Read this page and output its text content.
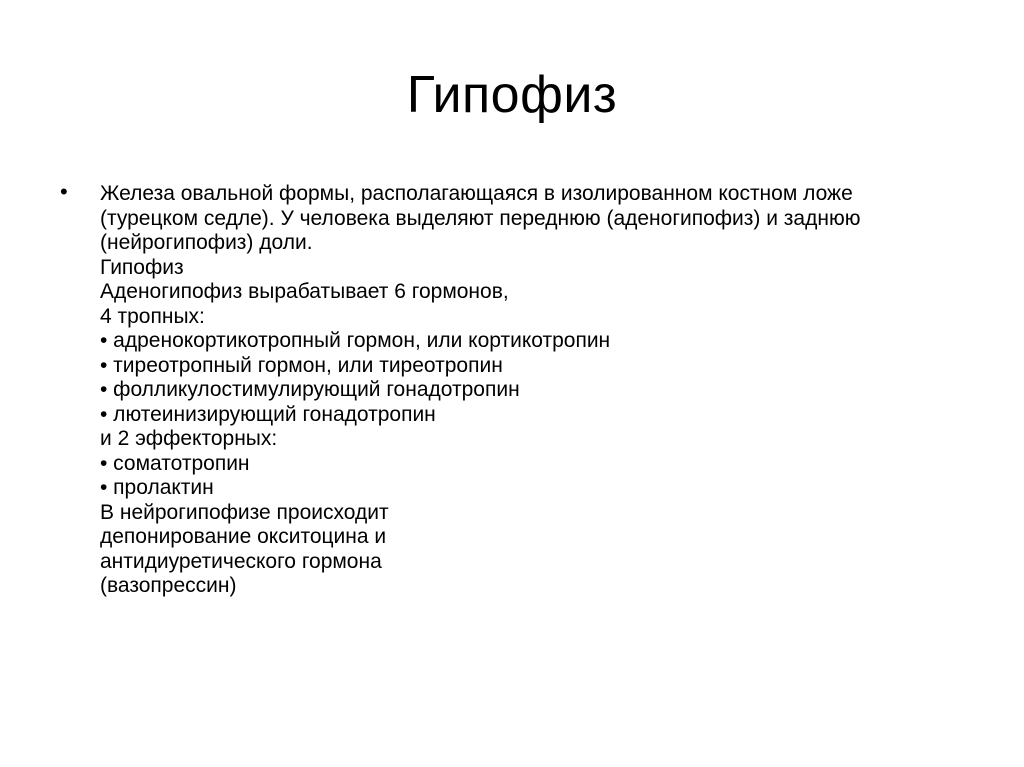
Гипофиз
• Железа овальной формы, располагающаяся в изолированном костном ложе
(турецком седле). У человека выделяют переднюю (аденогипофиз) и заднюю
(нейрогипофиз) доли.
Гипофиз
Аденогипофиз вырабатывает 6 гормонов,
4 тропных:
• адренокортикотропный гормон, или кортикотропин
• тиреотропный гормон, или тиреотропин
• фолликулостимулирующий гонадотропин
• лютеинизирующий гонадотропин
и 2 эффекторных:
• соматотропин
• пролактин
В нейрогипофизе происходит
депонирование окситоцина и
антидиуретического гормона
(вазопрессин)
